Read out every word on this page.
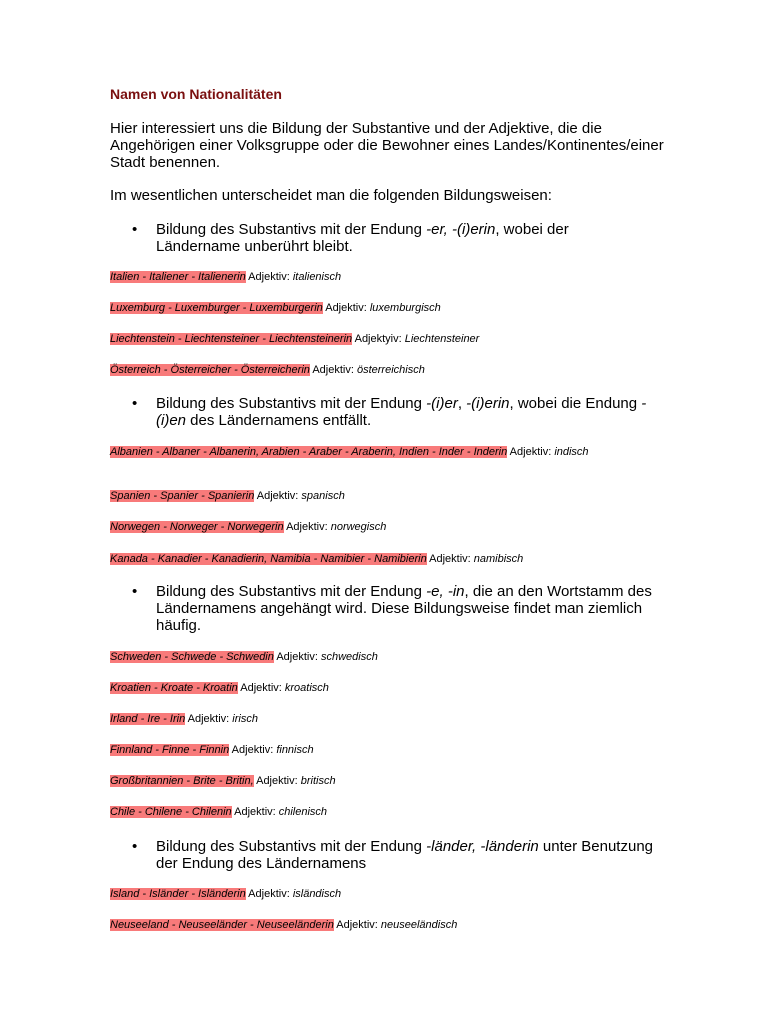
Namen von Nationalitäten
Hier interessiert uns die Bildung der Substantive und der Adjektive, die die Angehörigen einer Volksgruppe oder die Bewohner eines Landes/Kontinentes/einer Stadt benennen.
Im wesentlichen unterscheidet man die folgenden Bildungsweisen:
•	Bildung des Substantivs mit der Endung -er, -(i)erin, wobei der Ländername unberührt bleibt.
Italien - Italiener - Italienerin Adjektiv: italienisch
Luxemburg - Luxemburger - Luxemburgerin Adjektiv: luxemburgisch
Liechtenstein - Liechtensteiner - Liechtensteinerin Adjektyiv: Liechtensteiner
Österreich - Österreicher - Österreicherin Adjektiv: österreichisch
•	Bildung des Substantivs mit der Endung -(i)er, -(i)erin, wobei die Endung -(i)en des Ländernamens entfällt.
Albanien - Albaner - Albanerin, Arabien - Araber - Araberin, Indien - Inder - Inderin Adjektiv: indisch
Spanien - Spanier - Spanierin Adjektiv: spanisch
Norwegen - Norweger - Norwegerin Adjektiv: norwegisch
Kanada - Kanadier - Kanadierin, Namibia - Namibier - Namibierin Adjektiv: namibisch
•	Bildung des Substantivs mit der Endung -e, -in, die an den Wortstamm des Ländernamens angehängt wird. Diese Bildungsweise findet man ziemlich häufig.
Schweden - Schwede - Schwedin Adjektiv: schwedisch
Kroatien - Kroate - Kroatin Adjektiv: kroatisch
Irland - Ire - Irin Adjektiv: irisch
Finnland - Finne - Finnin Adjektiv: finnisch
Großbritannien - Brite - Britin, Adjektiv: britisch
Chile - Chilene - Chilenin Adjektiv: chilenisch
•	Bildung des Substantivs mit der Endung -länder, -länderin unter Benutzung der Endung des Ländernamens
Island - Isländer - Isländerin Adjektiv: isländisch
Neuseeland - Neuseeländer - Neuseeländerin Adjektiv: neuseeländisch
